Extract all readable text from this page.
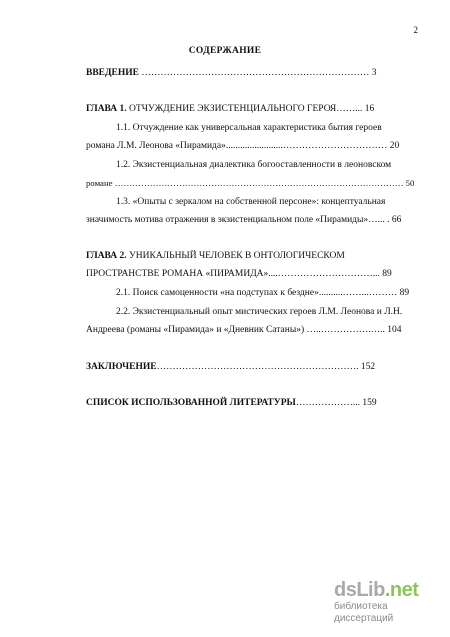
2
СОДЕРЖАНИЕ
ВВЕДЕНИЕ ……………………………………………………………… 3
ГЛАВА 1. ОТЧУЖДЕНИЕ ЭКЗИСТЕНЦИАЛЬНОГО ГЕРОЯ……... 16
1.1. Отчуждение как универсальная характеристика бытия героев
романа Л.М. Леонова «Пирамида»........................…………………………… 20
1.2. Экзистенциальная диалектика богооставленности в леоновском
романе ……………………………………………………………………………………… 50
1.3. «Опыты с зеркалом на собственной персоне»: концептуальная
значимость мотива отражения в экзистенциальном поле «Пирамиды»…... . 66
ГЛАВА 2. УНИКАЛЬНЫЙ ЧЕЛОВЕК В ОНТОЛОГИЧЕСКОМ
ПРОСТРАНСТВЕ РОМАНА «ПИРАМИДА»....…………………………... 89
2.1. Поиск самоценности «на подступах к бездне»..........……...……… 89
2.2. Экзистенциальный опыт мистических героев Л.М. Леонова и Л.Н.
Андреева (романы «Пирамида» и «Дневник Сатаны») …..…………….….. 104
ЗАКЛЮЧЕНИЕ………………………………………………………. 152
СПИСОК ИСПОЛЬЗОВАННОЙ ЛИТЕРАТУРЫ………………... 159
dsLib.net
библиотека диссертаций
